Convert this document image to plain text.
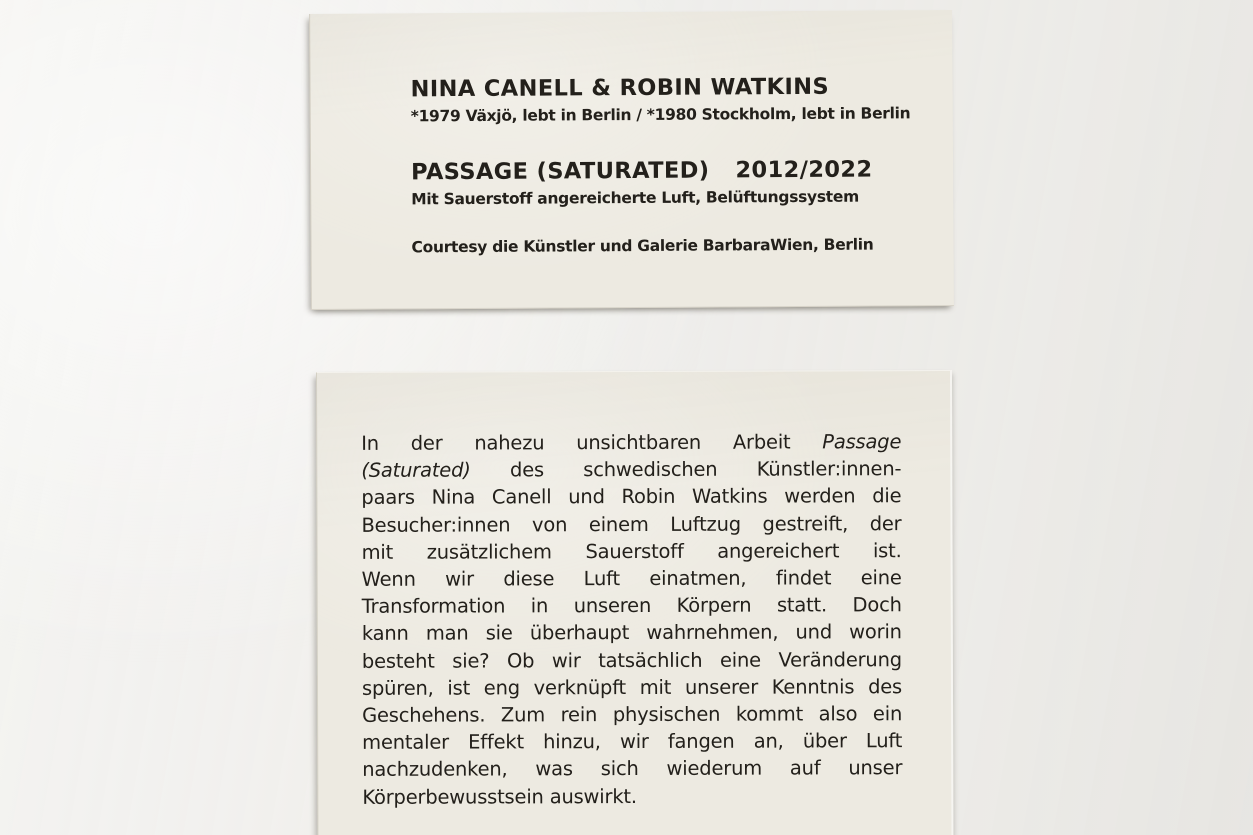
NINA CANELL & ROBIN WATKINS
*1979 Växjö, lebt in Berlin / *1980 Stockholm, lebt in Berlin
PASSAGE (SATURATED) 2012/2022
Mit Sauerstoff angereicherte Luft, Belüftungssystem
Courtesy die Künstler und Galerie BarbaraWien, Berlin
In der nahezu unsichtbaren Arbeit Passage
(Saturated) des schwedischen Künstler:innen-
paars Nina Canell und Robin Watkins werden die
Besucher:innen von einem Luftzug gestreift, der
mit zusätzlichem Sauerstoff angereichert ist.
Wenn wir diese Luft einatmen, findet eine
Transformation in unseren Körpern statt. Doch
kann man sie überhaupt wahrnehmen, und worin
besteht sie? Ob wir tatsächlich eine Veränderung
spüren, ist eng verknüpft mit unserer Kenntnis des
Geschehens. Zum rein physischen kommt also ein
mentaler Effekt hinzu, wir fangen an, über Luft
nachzudenken, was sich wiederum auf unser
Körperbewusstsein auswirkt.
